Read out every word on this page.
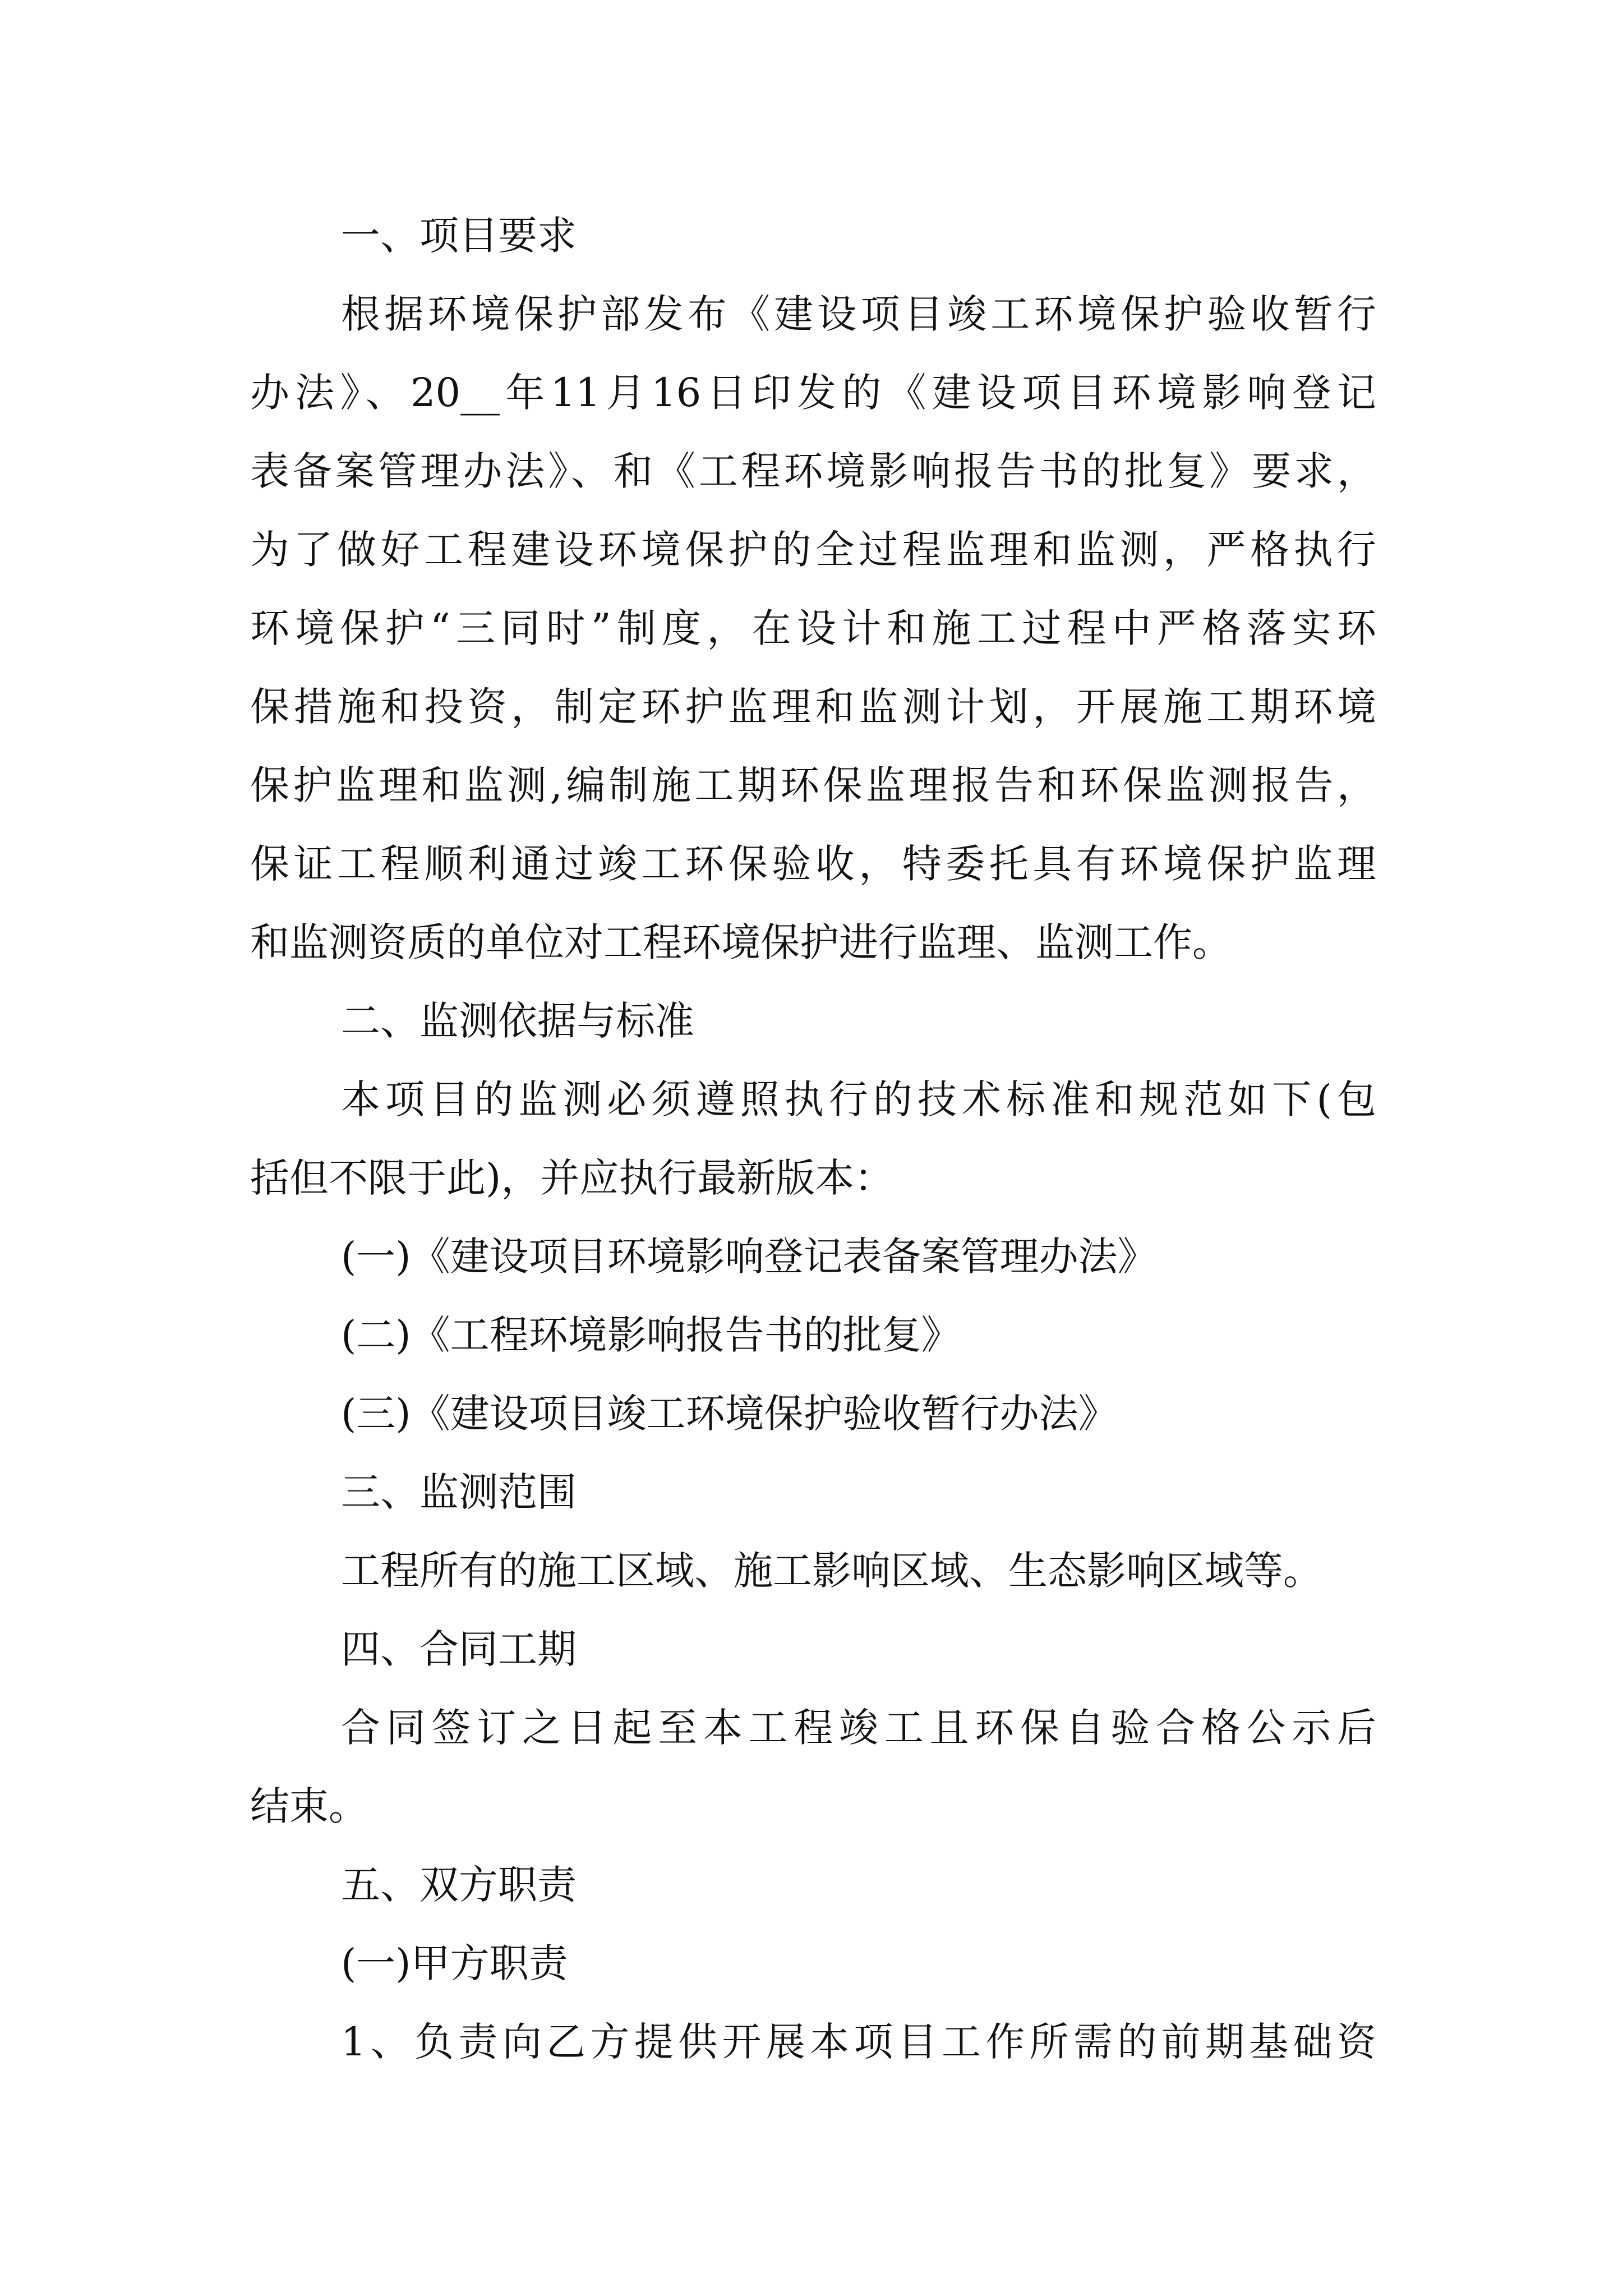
一、项目要求
根据环境保护部发布《建设项目竣工环境保护验收暂行
办法》、20__年11月16日印发的《建设项目环境影响登记
表备案管理办法》、和《工程环境影响报告书的批复》要求，
为了做好工程建设环境保护的全过程监理和监测，严格执行
环境保护“三同时”制度，在设计和施工过程中严格落实环
保措施和投资，制定环护监理和监测计划，开展施工期环境
保护监理和监测,编制施工期环保监理报告和环保监测报告，
保证工程顺利通过竣工环保验收，特委托具有环境保护监理
和监测资质的单位对工程环境保护进行监理、监测工作。
二、监测依据与标准
本项目的监测必须遵照执行的技术标准和规范如下(包
括但不限于此)，并应执行最新版本：
(一)《建设项目环境影响登记表备案管理办法》
(二)《工程环境影响报告书的批复》
(三)《建设项目竣工环境保护验收暂行办法》
三、监测范围
工程所有的施工区域、施工影响区域、生态影响区域等。
四、合同工期
合同签订之日起至本工程竣工且环保自验合格公示后
结束。
五、双方职责
(一)甲方职责
1、负责向乙方提供开展本项目工作所需的前期基础资
